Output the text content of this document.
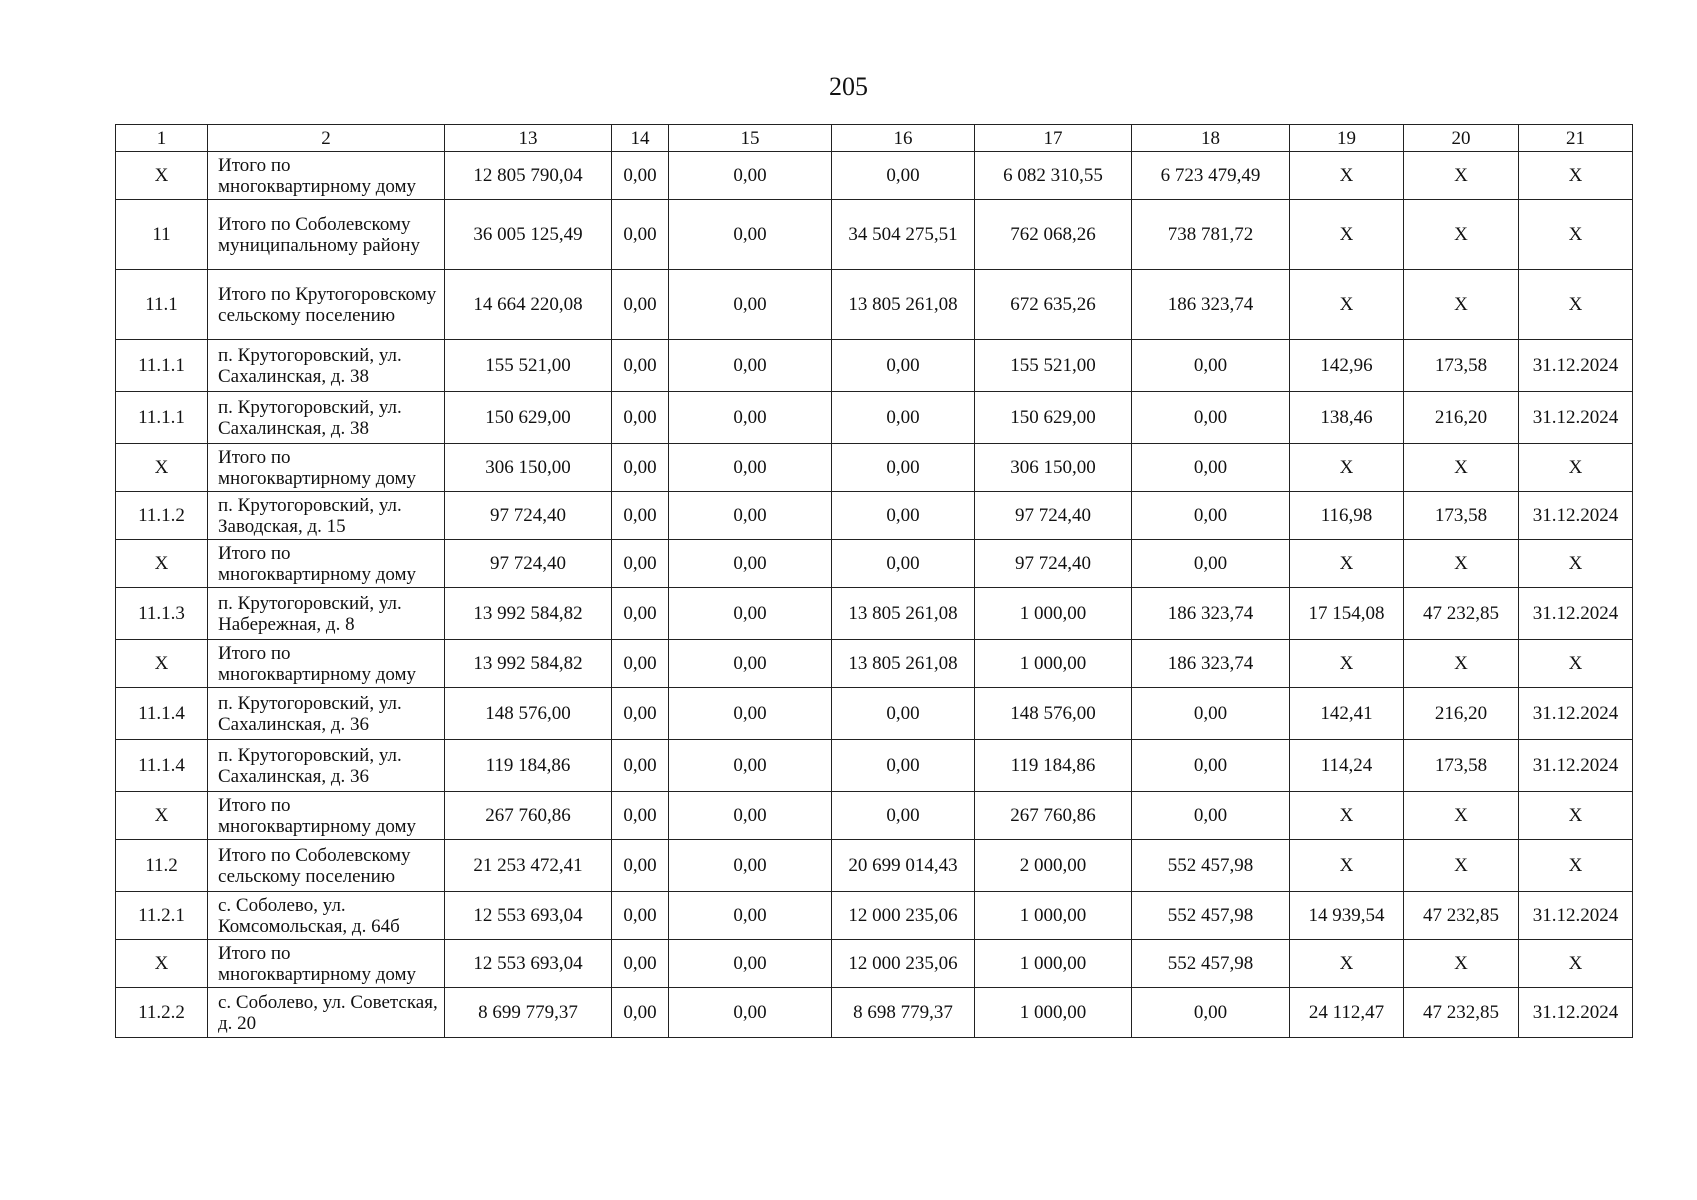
205
1	2	13	14	15	16	17	18	19	20	21
X	Итого по многоквартирному дому	12 805 790,04	0,00	0,00	0,00	6 082 310,55	6 723 479,49	X	X	X
11	Итого по Соболевскому муниципальному району	36 005 125,49	0,00	0,00	34 504 275,51	762 068,26	738 781,72	X	X	X
11.1	Итого по Крутогоровскому сельскому поселению	14 664 220,08	0,00	0,00	13 805 261,08	672 635,26	186 323,74	X	X	X
11.1.1	п. Крутогоровский, ул. Сахалинская, д. 38	155 521,00	0,00	0,00	0,00	155 521,00	0,00	142,96	173,58	31.12.2024
11.1.1	п. Крутогоровский, ул. Сахалинская, д. 38	150 629,00	0,00	0,00	0,00	150 629,00	0,00	138,46	216,20	31.12.2024
X	Итого по многоквартирному дому	306 150,00	0,00	0,00	0,00	306 150,00	0,00	X	X	X
11.1.2	п. Крутогоровский, ул. Заводская, д. 15	97 724,40	0,00	0,00	0,00	97 724,40	0,00	116,98	173,58	31.12.2024
X	Итого по многоквартирному дому	97 724,40	0,00	0,00	0,00	97 724,40	0,00	X	X	X
11.1.3	п. Крутогоровский, ул. Набережная, д. 8	13 992 584,82	0,00	0,00	13 805 261,08	1 000,00	186 323,74	17 154,08	47 232,85	31.12.2024
X	Итого по многоквартирному дому	13 992 584,82	0,00	0,00	13 805 261,08	1 000,00	186 323,74	X	X	X
11.1.4	п. Крутогоровский, ул. Сахалинская, д. 36	148 576,00	0,00	0,00	0,00	148 576,00	0,00	142,41	216,20	31.12.2024
11.1.4	п. Крутогоровский, ул. Сахалинская, д. 36	119 184,86	0,00	0,00	0,00	119 184,86	0,00	114,24	173,58	31.12.2024
X	Итого по многоквартирному дому	267 760,86	0,00	0,00	0,00	267 760,86	0,00	X	X	X
11.2	Итого по Соболевскому сельскому поселению	21 253 472,41	0,00	0,00	20 699 014,43	2 000,00	552 457,98	X	X	X
11.2.1	с. Соболево, ул. Комсомольская, д. 64б	12 553 693,04	0,00	0,00	12 000 235,06	1 000,00	552 457,98	14 939,54	47 232,85	31.12.2024
X	Итого по многоквартирному дому	12 553 693,04	0,00	0,00	12 000 235,06	1 000,00	552 457,98	X	X	X
11.2.2	с. Соболево, ул. Советская, д. 20	8 699 779,37	0,00	0,00	8 698 779,37	1 000,00	0,00	24 112,47	47 232,85	31.12.2024
